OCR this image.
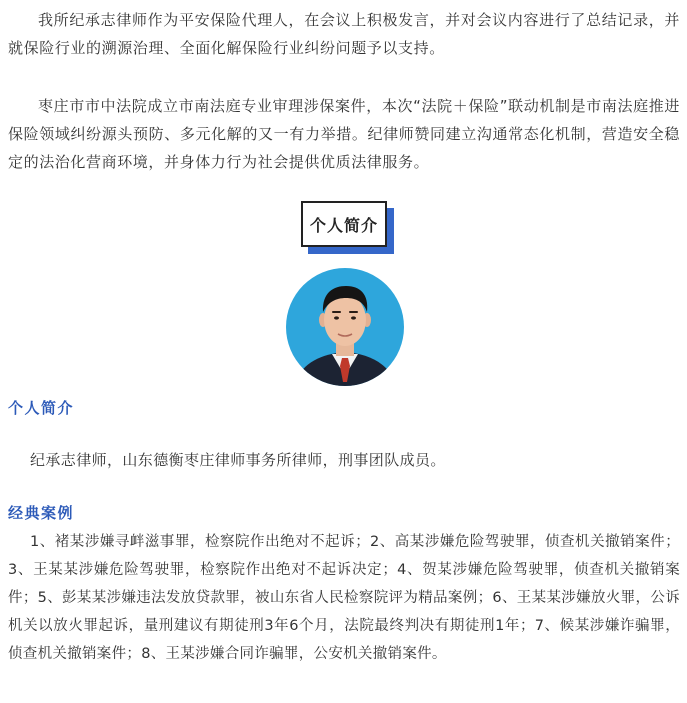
我所纪承志律师作为平安保险代理人，在会议上积极发言，并对会议内容进行了总结记录，并就保险行业的溯源治理、全面化解保险行业纠纷问题予以支持。

枣庄市市中法院成立市南法庭专业审理涉保案件，本次“法院＋保险”联动机制是市南法庭推进保险领域纠纷源头预防、多元化解的又一有力举措。纪律师赞同建立沟通常态化机制，营造安全稳定的法治化营商环境，并身体力行为社会提供优质法律服务。

个人简介
个人简介

纪承志律师，山东德衡枣庄律师事务所律师，刑事团队成员。

经典案例

1、褚某涉嫌寻衅滋事罪，检察院作出绝对不起诉；2、高某涉嫌危险驾驶罪，侦查机关撤销案件；3、王某某涉嫌危险驾驶罪，检察院作出绝对不起诉决定；4、贺某涉嫌危险驾驶罪，侦查机关撤销案件；5、彭某某涉嫌违法发放贷款罪，被山东省人民检察院评为精品案例；6、王某某涉嫌放火罪，公诉机关以放火罪起诉，量刑建议有期徒刑3年6个月，法院最终判决有期徒刑1年；7、候某涉嫌诈骗罪，侦查机关撤销案件；8、王某涉嫌合同诈骗罪，公安机关撤销案件。
